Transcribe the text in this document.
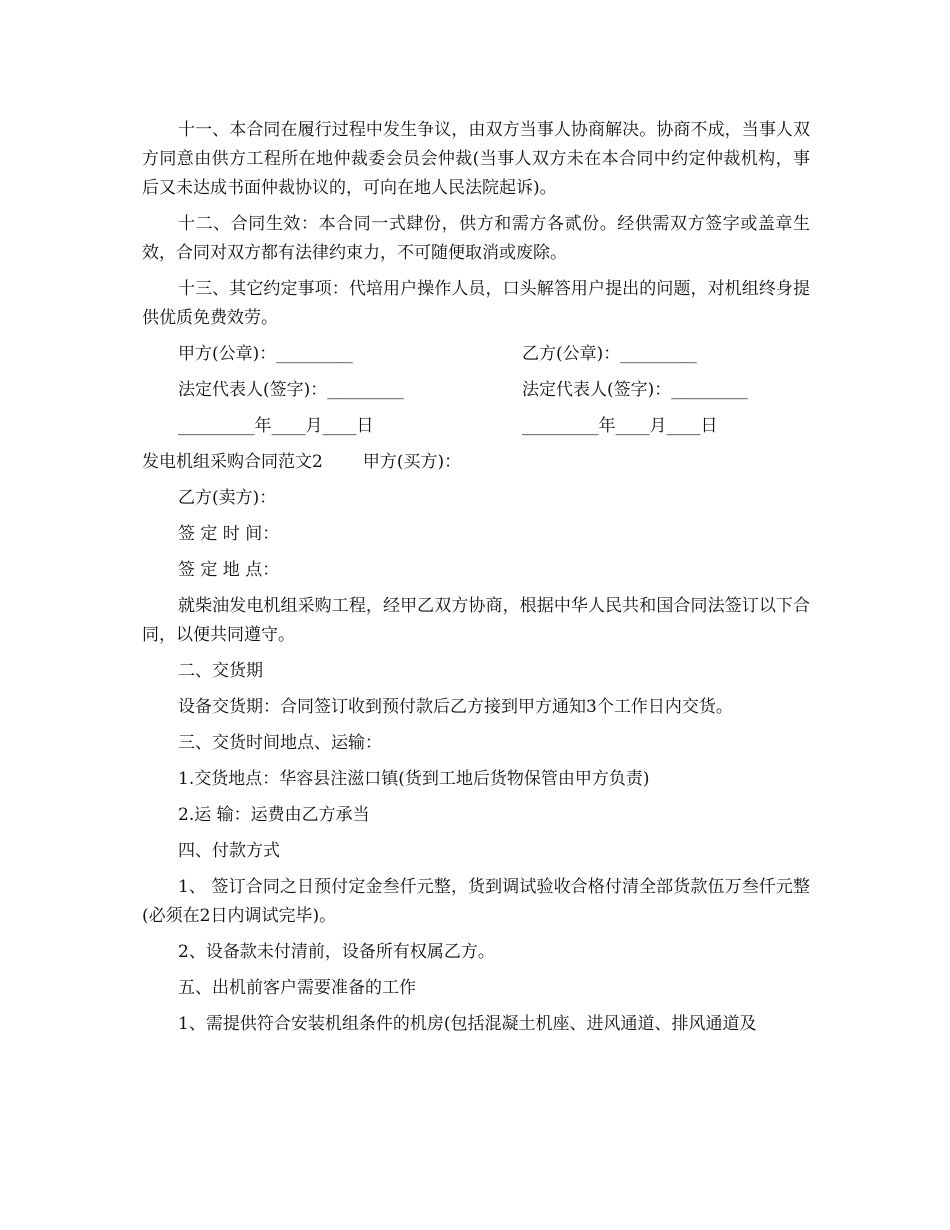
十一、本合同在履行过程中发生争议，由双方当事人协商解决。协商不成，当事人双方同意由供方工程所在地仲裁委会员会仲裁(当事人双方未在本合同中约定仲裁机构，事后又未达成书面仲裁协议的，可向在地人民法院起诉)。

十二、合同生效：本合同一式肆份，供方和需方各贰份。经供需双方签字或盖章生效，合同对双方都有法律约束力，不可随便取消或废除。

十三、其它约定事项：代培用户操作人员，口头解答用户提出的问题，对机组终身提供优质免费效劳。

甲方(公章)：_________	乙方(公章)：_________
法定代表人(签字)：_________	法定代表人(签字)：_________
_________年____月____日	_________年____月____日
发电机组采购合同范文2 甲方(买方)：

乙方(卖方)：

签 定 时 间：

签 定 地 点：

就柴油发电机组采购工程，经甲乙双方协商，根据中华人民共和国合同法签订以下合同，以便共同遵守。

二、交货期

设备交货期：合同签订收到预付款后乙方接到甲方通知3个工作日内交货。

三、交货时间地点、运输：

1.交货地点：华容县注滋口镇(货到工地后货物保管由甲方负责)

2.运 输：运费由乙方承当

四、付款方式

1、 签订合同之日预付定金叁仟元整，货到调试验收合格付清全部货款伍万叁仟元整(必须在2日内调试完毕)。

2、设备款未付清前，设备所有权属乙方。

五、出机前客户需要准备的工作

1、需提供符合安装机组条件的机房(包括混凝土机座、进风通道、排风通道及
